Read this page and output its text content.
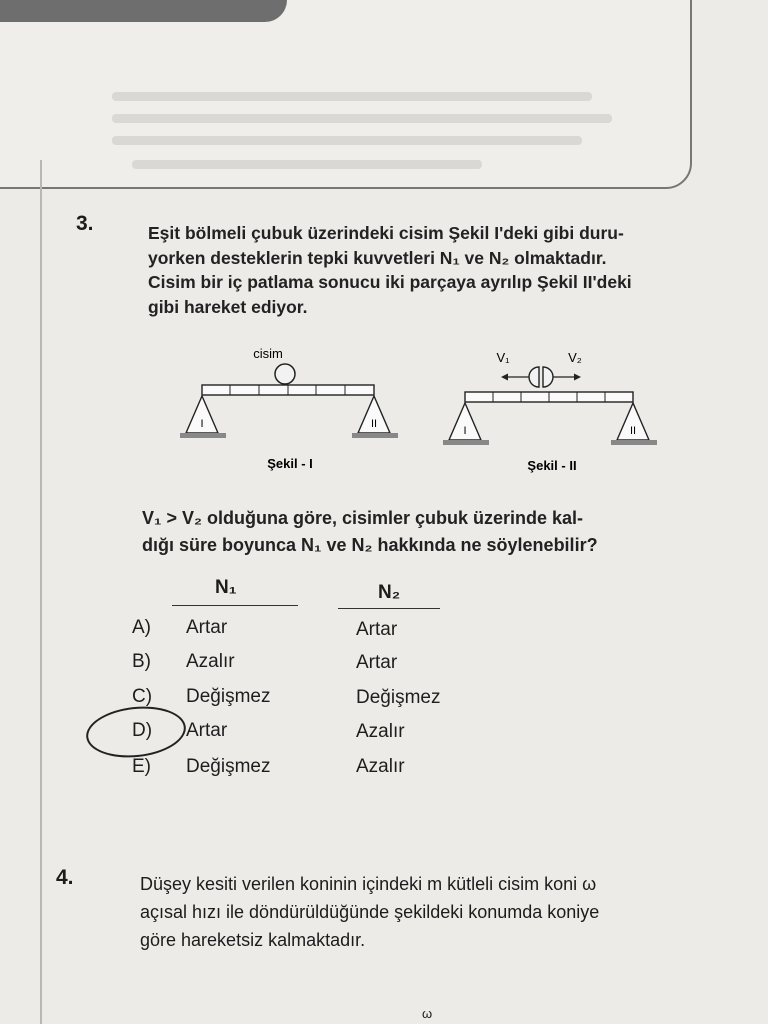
3.	Eşit bölmeli çubuk üzerindeki cisim Şekil I'deki gibi duru-
yorken desteklerin tepki kuvvetleri N₁ ve N₂ olmaktadır.
Cisim bir iç patlama sonucu iki parçaya ayrılıp Şekil II'deki
gibi hareket ediyor.
cisim
I	II
Şekil - I
V₁	V₂
I	II
Şekil - II
V₁ > V₂ olduğuna göre, cisimler çubuk üzerinde kal-
dığı süre boyunca N₁ ve N₂ hakkında ne söylenebilir?
N₁	N₂
A) Artar	Artar
B) Azalır	Artar
C) Değişmez	Değişmez
D) Artar	Azalır
E) Değişmez	Azalır
4.	Düşey kesiti verilen koninin içindeki m kütleli cisim koni ω
açısal hızı ile döndürüldüğünde şekildeki konumda koniye
göre hareketsiz kalmaktadır.
ω
